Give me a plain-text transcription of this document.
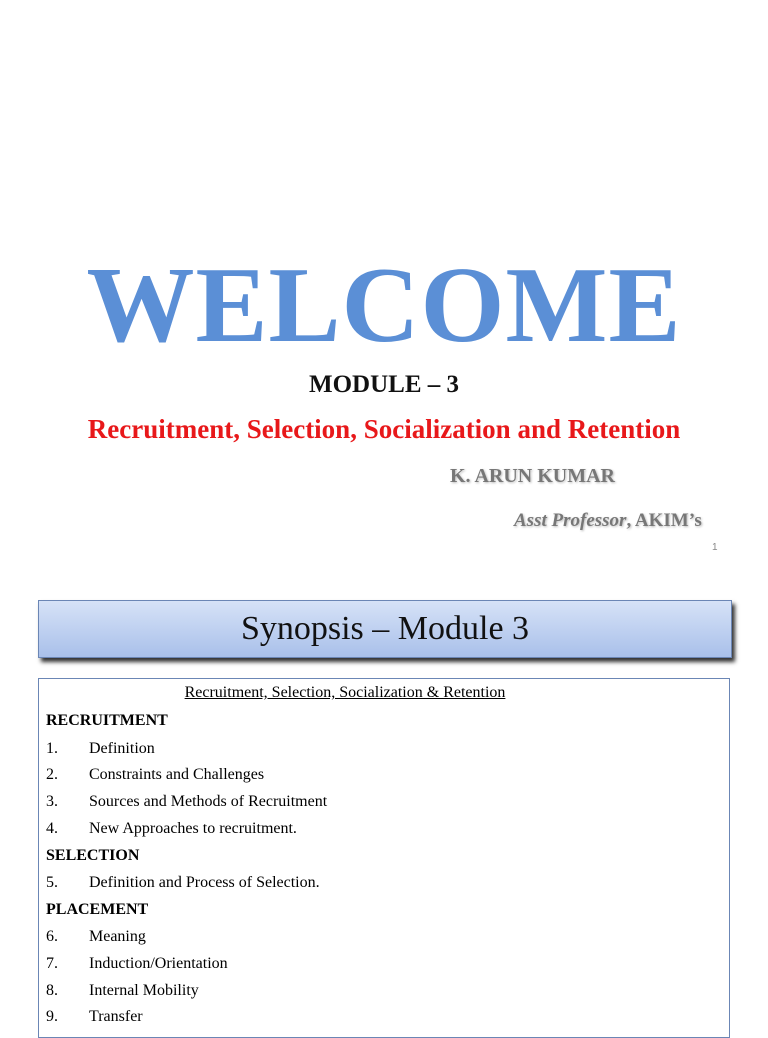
WELCOME
MODULE – 3
Recruitment, Selection, Socialization and Retention
K. ARUN KUMAR
Asst Professor, AKIM’s
1
Synopsis – Module 3
Recruitment, Selection, Socialization & Retention
RECRUITMENT
1. Definition
2. Constraints and Challenges
3. Sources and Methods of Recruitment
4. New Approaches to recruitment.
SELECTION
5. Definition and Process of Selection.
PLACEMENT
6. Meaning
7. Induction/Orientation
8. Internal Mobility
9. Transfer
